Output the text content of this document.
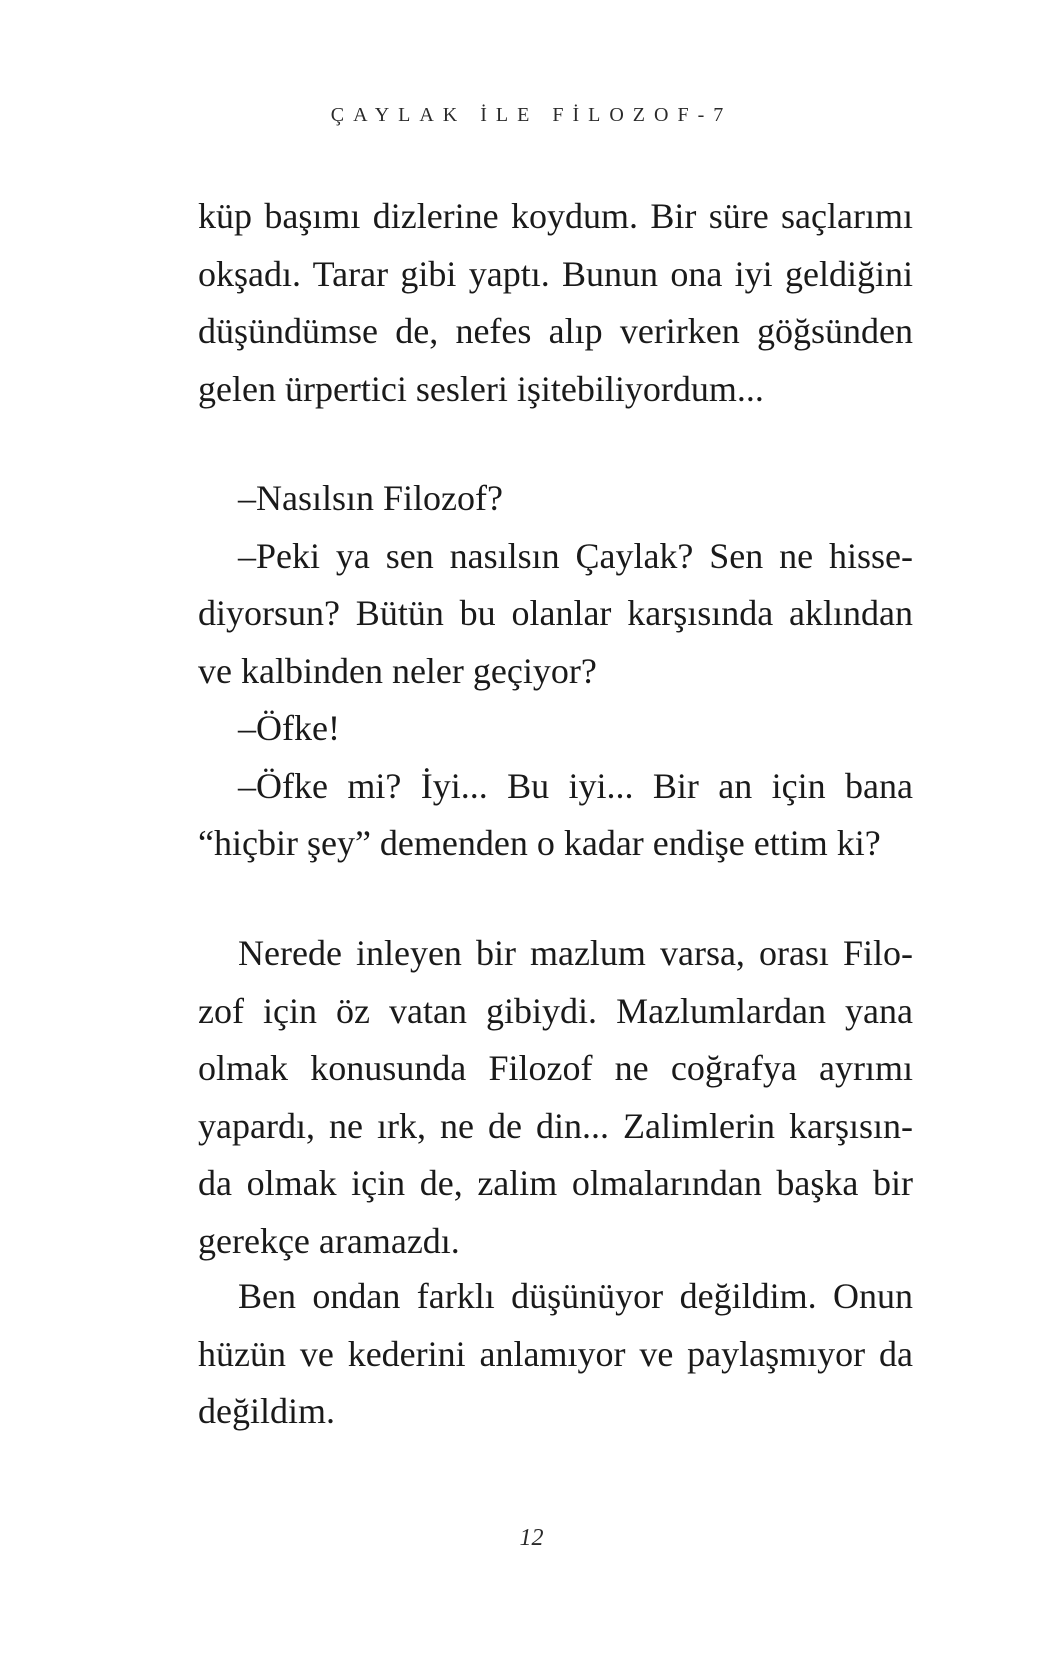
ÇAYLAK İLE FİLOZOF-7
küp başımı dizlerine koydum. Bir süre saçlarımı
okşadı. Tarar gibi yaptı. Bunun ona iyi geldiğini
düşündümse de, nefes alıp verirken göğsünden
gelen ürpertici sesleri işitebiliyordum...
–Nasılsın Filozof?
–Peki ya sen nasılsın Çaylak? Sen ne hisse-
diyorsun? Bütün bu olanlar karşısında aklından
ve kalbinden neler geçiyor?
–Öfke!
–Öfke mi? İyi... Bu iyi... Bir an için bana
“hiçbir şey” demenden o kadar endişe ettim ki?
Nerede inleyen bir mazlum varsa, orası Filo-
zof için öz vatan gibiydi. Mazlumlardan yana
olmak konusunda Filozof ne coğrafya ayrımı
yapardı, ne ırk, ne de din... Zalimlerin karşısın-
da olmak için de, zalim olmalarından başka bir
gerekçe aramazdı.
Ben ondan farklı düşünüyor değildim. Onun
hüzün ve kederini anlamıyor ve paylaşmıyor da
değildim.
12
